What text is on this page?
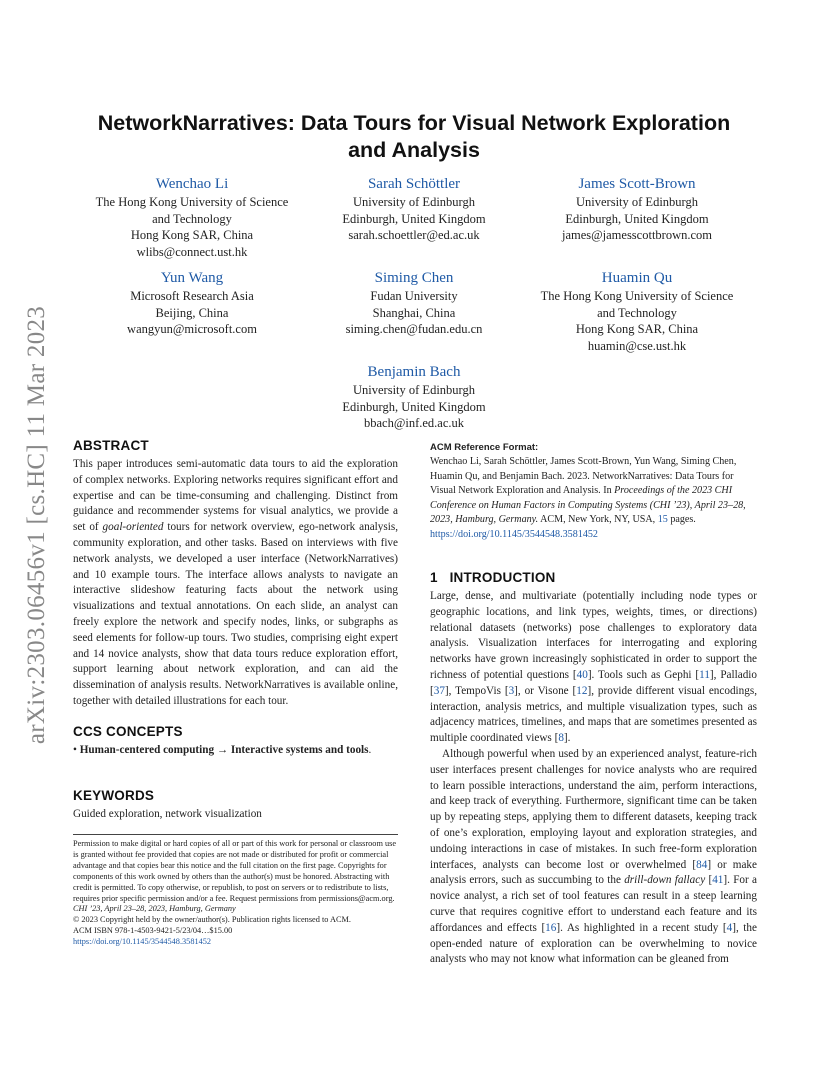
arXiv:2303.06456v1 [cs.HC] 11 Mar 2023
NetworkNarratives: Data Tours for Visual Network Exploration
and Analysis
Wenchao Li
The Hong Kong University of Science
and Technology
Hong Kong SAR, China
wlibs@connect.ust.hk
Sarah Schöttler
University of Edinburgh
Edinburgh, United Kingdom
sarah.schoettler@ed.ac.uk
James Scott-Brown
University of Edinburgh
Edinburgh, United Kingdom
james@jamesscottbrown.com
Yun Wang
Microsoft Research Asia
Beijing, China
wangyun@microsoft.com
Siming Chen
Fudan University
Shanghai, China
siming.chen@fudan.edu.cn
Huamin Qu
The Hong Kong University of Science
and Technology
Hong Kong SAR, China
huamin@cse.ust.hk
Benjamin Bach
University of Edinburgh
Edinburgh, United Kingdom
bbach@inf.ed.ac.uk
ABSTRACT

This paper introduces semi-automatic data tours to aid the exploration of complex networks. Exploring networks requires significant effort and expertise and can be time-consuming and challenging. Distinct from guidance and recommender systems for visual analytics, we provide a set of goal-oriented tours for network overview, ego-network analysis, community exploration, and other tasks. Based on interviews with five network analysts, we developed a user interface (NetworkNarratives) and 10 example tours. The interface allows analysts to navigate an interactive slideshow featuring facts about the network using visualizations and textual annotations. On each slide, an analyst can freely explore the network and specify nodes, links, or subgraphs as seed elements for follow-up tours. Two studies, comprising eight expert and 14 novice analysts, show that data tours reduce exploration effort, support learning about network exploration, and can aid the dissemination of analysis results. NetworkNarratives is available online, together with detailed illustrations for each tour.

CCS CONCEPTS

• Human-centered computing → Interactive systems and tools.

KEYWORDS

Guided exploration, network visualization

Permission to make digital or hard copies of all or part of this work for personal or classroom use is granted without fee provided that copies are not made or distributed for profit or commercial advantage and that copies bear this notice and the full citation on the first page. Copyrights for components of this work owned by others than the author(s) must be honored. Abstracting with credit is permitted. To copy otherwise, or republish, to post on servers or to redistribute to lists, requires prior specific permission and/or a fee. Request permissions from permissions@acm.org.
CHI ’23, April 23–28, 2023, Hamburg, Germany
© 2023 Copyright held by the owner/author(s). Publication rights licensed to ACM.
ACM ISBN 978-1-4503-9421-5/23/04…$15.00
https://doi.org/10.1145/3544548.3581452
ACM Reference Format:

Wenchao Li, Sarah Schöttler, James Scott-Brown, Yun Wang, Siming Chen, Huamin Qu, and Benjamin Bach. 2023. NetworkNarratives: Data Tours for Visual Network Exploration and Analysis. In Proceedings of the 2023 CHI Conference on Human Factors in Computing Systems (CHI ’23), April 23–28, 2023, Hamburg, Germany. ACM, New York, NY, USA, 15 pages. https://doi.org/10.1145/3544548.3581452

1 INTRODUCTION

Large, dense, and multivariate (potentially including node types or geographic locations, and link types, weights, times, or directions) relational datasets (networks) pose challenges to exploratory data analysis. Visualization interfaces for interrogating and exploring networks have grown increasingly sophisticated in order to support the richness of potential questions [40]. Tools such as Gephi [11], Palladio [37], TempoVis [3], or Visone [12], provide different visual encodings, interaction, analysis metrics, and multiple visualization types, such as adjacency matrices, timelines, and maps that are sometimes presented as multiple coordinated views [8].

Although powerful when used by an experienced analyst, feature-rich user interfaces present challenges for novice analysts who are required to learn possible interactions, understand the aim, perform interactions, and keep track of everything. Furthermore, significant time can be taken up by repeating steps, applying them to different datasets, keeping track of one’s exploration, employing layout and exploration strategies, and undoing interactions in case of mistakes. In such free-form exploration interfaces, analysts can become lost or overwhelmed [84] or make analysis errors, such as succumbing to the drill-down fallacy [41]. For a novice analyst, a rich set of tool features can result in a steep learning curve that requires cognitive effort to understand each feature and its affordances and effects [16]. As highlighted in a recent study [4], the open-ended nature of exploration can be overwhelming to novice analysts who may not know what information can be gleaned from
